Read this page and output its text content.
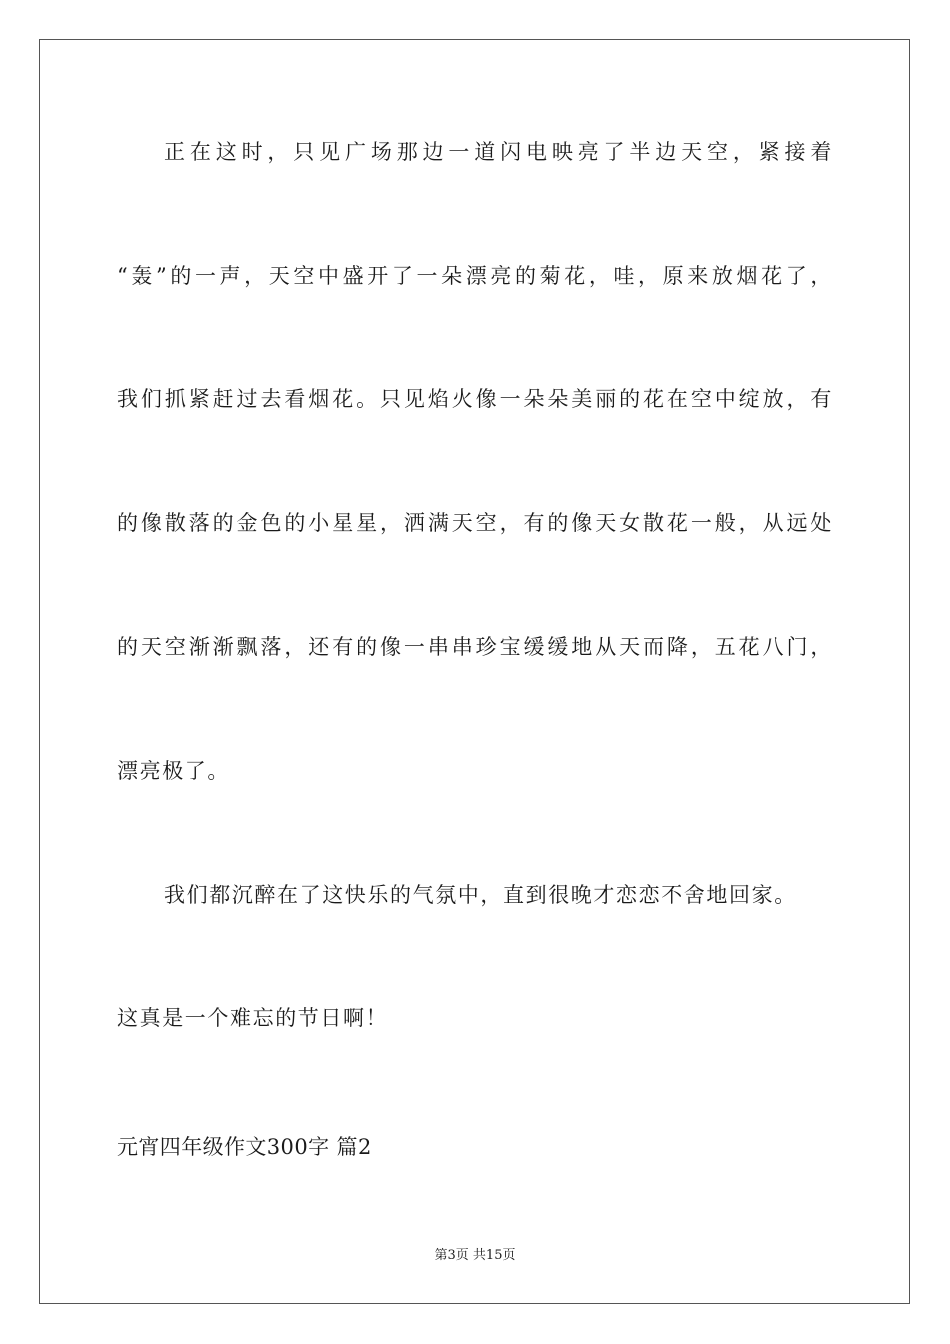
正在这时，只见广场那边一道闪电映亮了半边天空，紧接着
“轰”的一声，天空中盛开了一朵漂亮的菊花，哇，原来放烟花了，
我们抓紧赶过去看烟花。只见焰火像一朵朵美丽的花在空中绽放，有
的像散落的金色的小星星，洒满天空，有的像天女散花一般，从远处
的天空渐渐飘落，还有的像一串串珍宝缓缓地从天而降，五花八门，
漂亮极了。
我们都沉醉在了这快乐的气氛中，直到很晚才恋恋不舍地回家。
这真是一个难忘的节日啊！
元宵四年级作文300字 篇2
第3页 共15页
